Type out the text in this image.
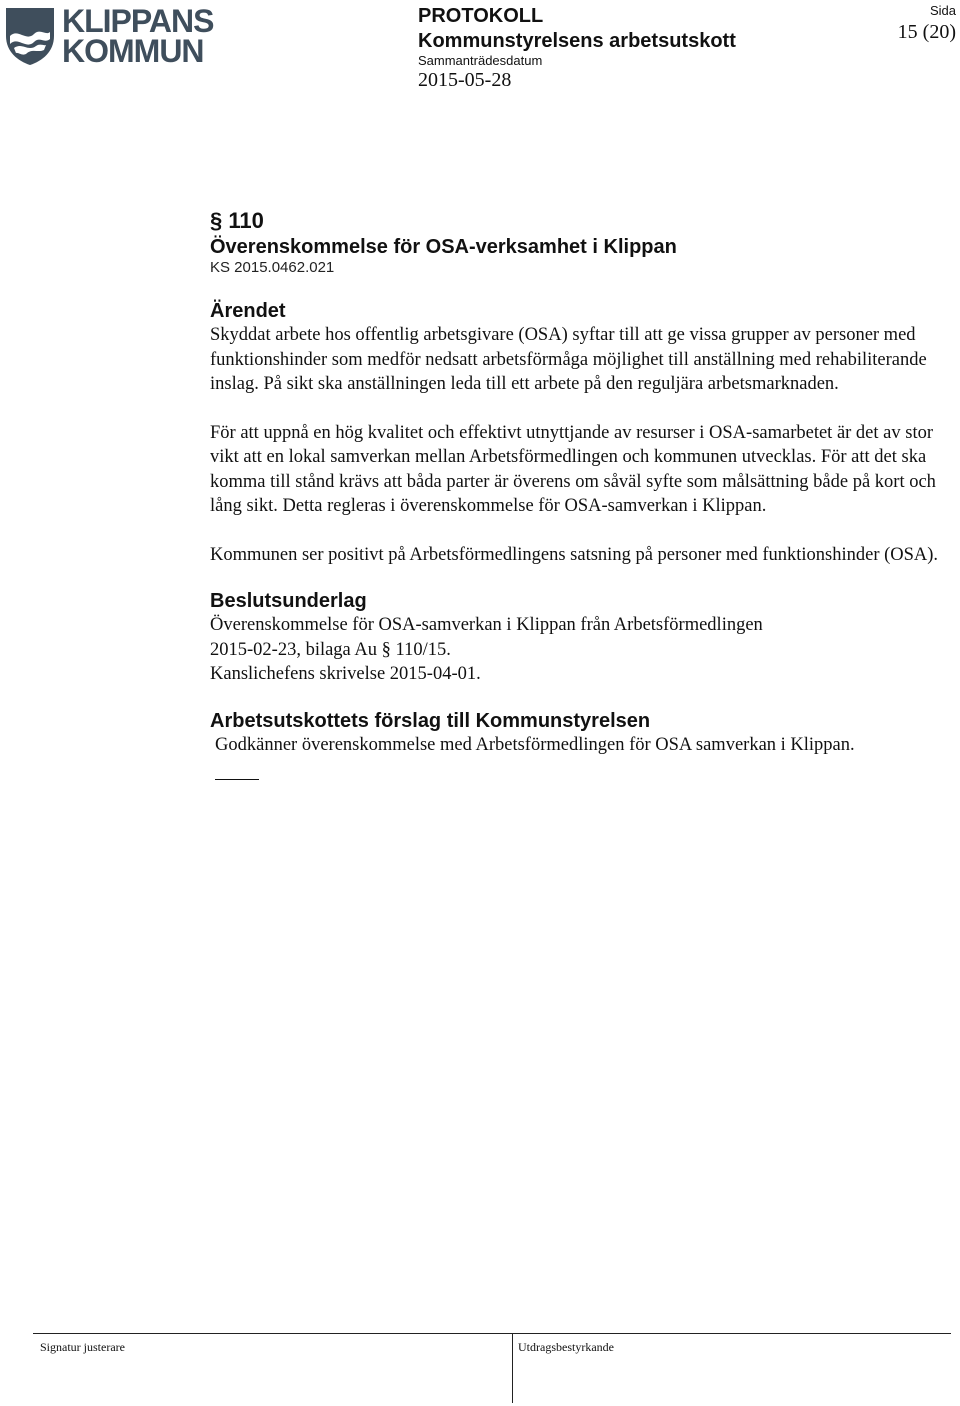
KLIPPANS
KOMMUN
PROTOKOLL
Kommunstyrelsens arbetsutskott
Sammanträdesdatum
2015-05-28
Sida
15 (20)
§ 110
Överenskommelse för OSA-verksamhet i Klippan
KS 2015.0462.021
Ärendet

Skyddat arbete hos offentlig arbetsgivare (OSA) syftar till att ge vissa grupper av personer med funktionshinder som medför nedsatt arbetsförmåga möjlighet till anställning med rehabiliterande inslag. På sikt ska anställningen leda till ett arbete på den reguljära arbetsmarknaden.

För att uppnå en hög kvalitet och effektivt utnyttjande av resurser i OSA-samarbetet är det av stor vikt att en lokal samverkan mellan Arbetsförmedlingen och kommunen utvecklas. För att det ska komma till stånd krävs att båda parter är överens om såväl syfte som målsättning både på kort och lång sikt. Detta regleras i överenskommelse för OSA-samverkan i Klippan.

Kommunen ser positivt på Arbetsförmedlingens satsning på personer med funktionshinder (OSA).

Beslutsunderlag

Överenskommelse för OSA-samverkan i Klippan från Arbetsförmedlingen
2015-02-23, bilaga Au § 110/15.

Kanslichefens skrivelse 2015-04-01.

Arbetsutskottets förslag till Kommunstyrelsen

Godkänner överenskommelse med Arbetsförmedlingen för OSA samverkan i Klippan.

Signatur justerare	Utdragsbestyrkande
